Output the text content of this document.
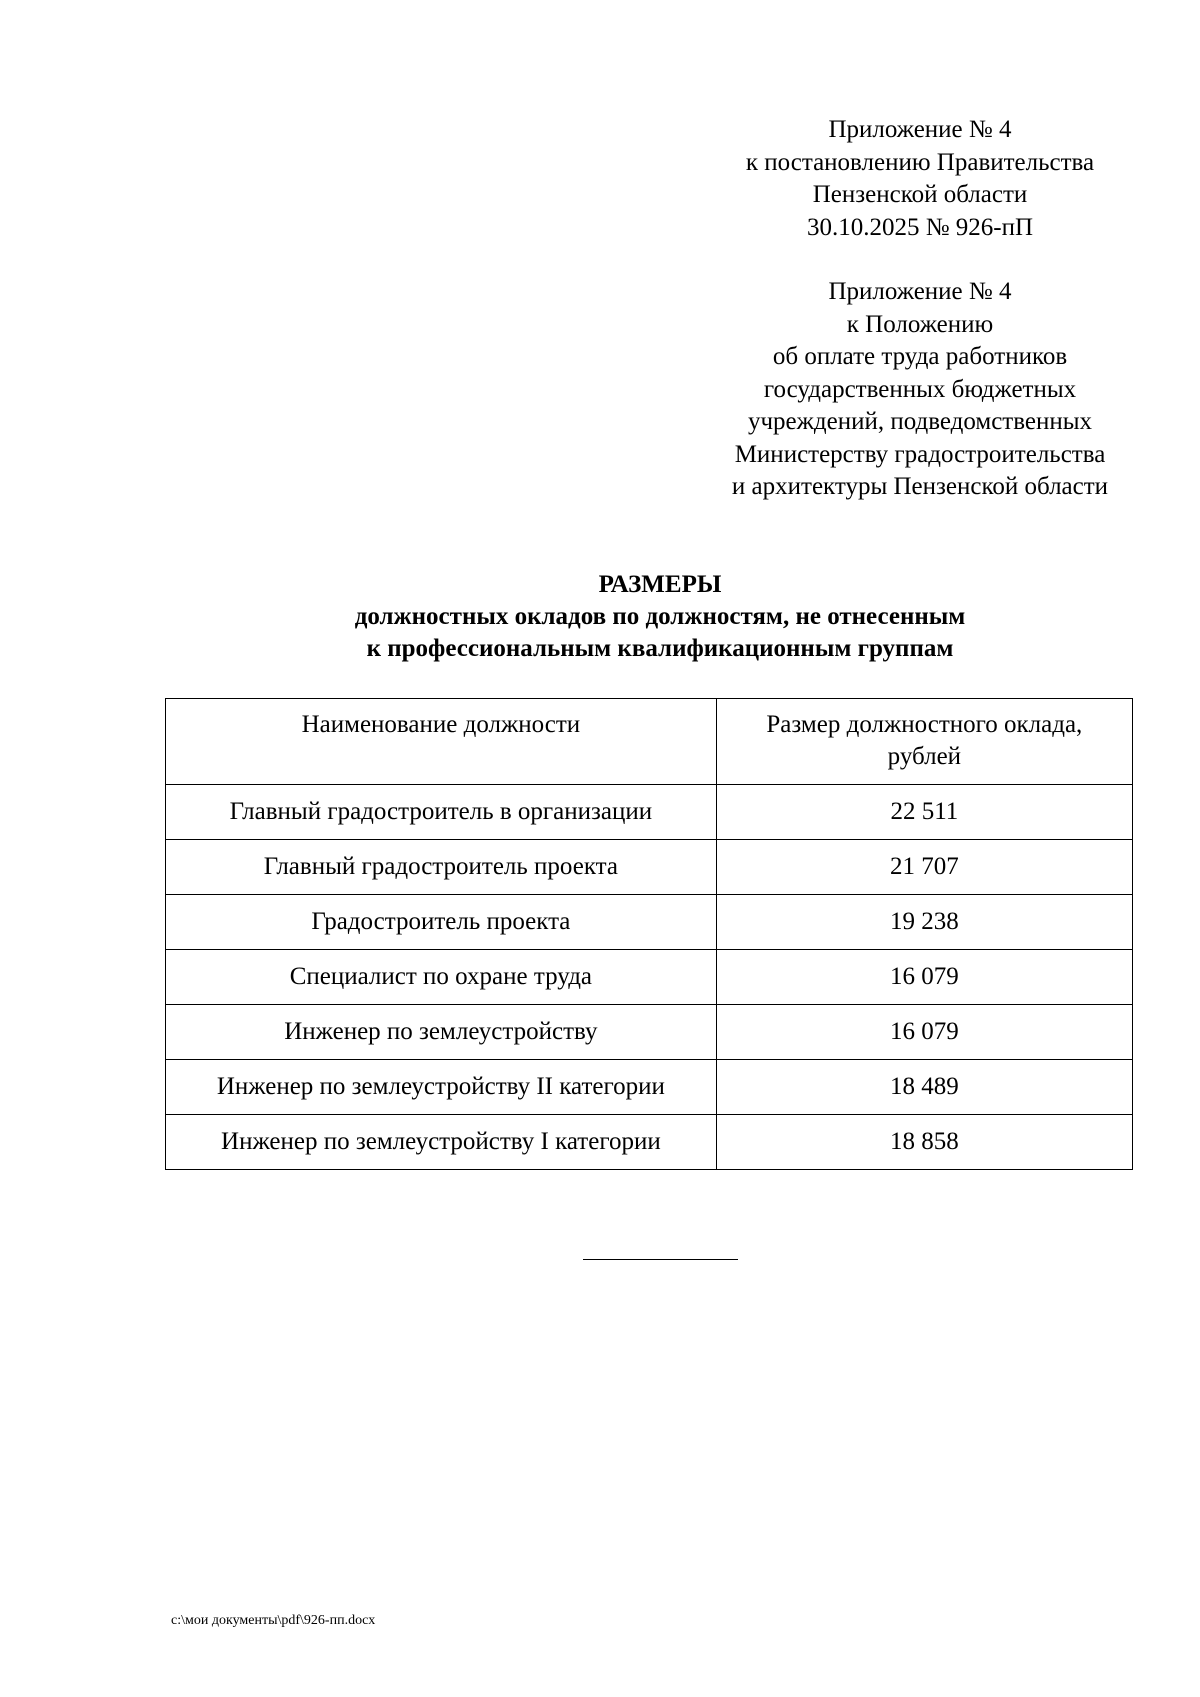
Приложение № 4
к постановлению Правительства
Пензенской области
30.10.2025 № 926-пП
Приложение № 4
к Положению
об оплате труда работников
государственных бюджетных
учреждений, подведомственных
Министерству градостроительства
и архитектуры Пензенской области
РАЗМЕРЫ
должностных окладов по должностям, не отнесенным
к профессиональным квалификационным группам
Наименование должности	Размер должностного оклада,
рублей

Главный градостроитель в организации	22 511
Главный градостроитель проекта	21 707
Градостроитель проекта	19 238
Специалист по охране труда	16 079
Инженер по землеустройству	16 079
Инженер по землеустройству II категории	18 489
Инженер по землеустройству I категории	18 858
c:\мои документы\pdf\926-пп.docx
